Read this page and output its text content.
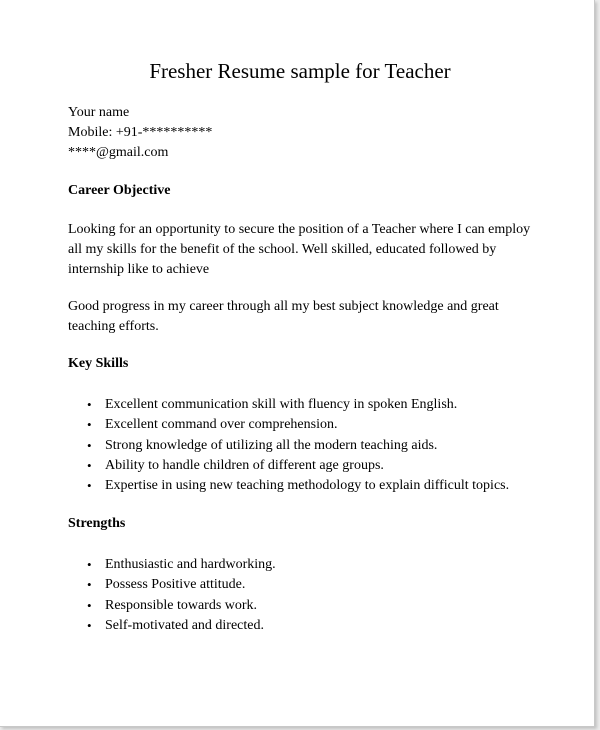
Fresher Resume sample for Teacher
Your name
Mobile: +91-**********
****@gmail.com
Career Objective
Looking for an opportunity to secure the position of a Teacher where I can employ
all my skills for the benefit of the school. Well skilled, educated followed by
internship like to achieve
Good progress in my career through all my best subject knowledge and great
teaching efforts.
Key Skills
• Excellent communication skill with fluency in spoken English.
• Excellent command over comprehension.
• Strong knowledge of utilizing all the modern teaching aids.
• Ability to handle children of different age groups.
• Expertise in using new teaching methodology to explain difficult topics.
Strengths
• Enthusiastic and hardworking.
• Possess Positive attitude.
• Responsible towards work.
• Self-motivated and directed.
